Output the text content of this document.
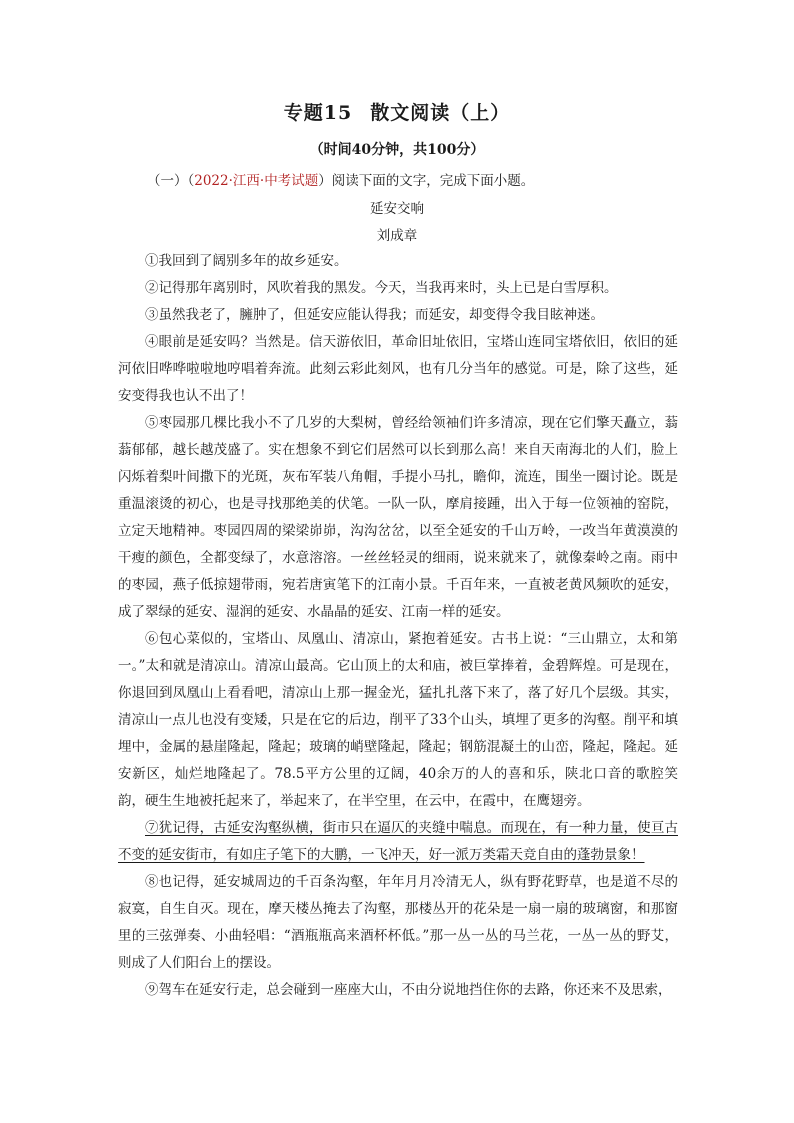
专题15 散文阅读（上）
（时间40分钟，共100分）
（一）（2022·江西·中考试题）阅读下面的文字，完成下面小题。
延安交响
刘成章

①我回到了阔别多年的故乡延安。

②记得那年离别时，风吹着我的黑发。今天，当我再来时，头上已是白雪厚积。

③虽然我老了，臃肿了，但延安应能认得我；而延安，却变得令我目眩神迷。

④眼前是延安吗？当然是。信天游依旧，革命旧址依旧，宝塔山连同宝塔依旧，依旧的延河依旧哗哗啦啦地哼唱着奔流。此刻云彩此刻风，也有几分当年的感觉。可是，除了这些，延安变得我也认不出了！

⑤枣园那几棵比我小不了几岁的大梨树，曾经给领袖们许多清凉，现在它们擎天矗立，蓊蓊郁郁，越长越茂盛了。实在想象不到它们居然可以长到那么高！来自天南海北的人们，脸上闪烁着梨叶间撒下的光斑，灰布军装八角帽，手提小马扎，瞻仰，流连，围坐一圈讨论。既是重温滚烫的初心，也是寻找那绝美的伏笔。一队一队，摩肩接踵，出入于每一位领袖的窑院，立定天地精神。枣园四周的梁梁峁峁，沟沟岔岔，以至全延安的千山万岭，一改当年黄漠漠的干瘦的颜色，全都变绿了，水意溶溶。一丝丝轻灵的细雨，说来就来了，就像秦岭之南。雨中的枣园，燕子低掠翅带雨，宛若唐寅笔下的江南小景。千百年来，一直被老黄风频吹的延安，成了翠绿的延安、湿润的延安、水晶晶的延安、江南一样的延安。

⑥包心菜似的，宝塔山、凤凰山、清凉山，紧抱着延安。古书上说：“三山鼎立，太和第一。”太和就是清凉山。清凉山最高。它山顶上的太和庙，被巨掌捧着，金碧辉煌。可是现在，你退回到凤凰山上看看吧，清凉山上那一握金光，猛扎扎落下来了，落了好几个层级。其实，清凉山一点儿也没有变矮，只是在它的后边，削平了33个山头，填埋了更多的沟壑。削平和填埋中，金属的悬崖隆起，隆起；玻璃的峭壁隆起，隆起；钢筋混凝土的山峦，隆起，隆起。延安新区，灿烂地隆起了。78.5平方公里的辽阔，40余万的人的喜和乐，陕北口音的歌腔笑韵，硬生生地被托起来了，举起来了，在半空里，在云中，在霞中，在鹰翅旁。

⑦犹记得，古延安沟壑纵横，街市只在逼仄的夹缝中喘息。而现在，有一种力量，使亘古不变的延安街市，有如庄子笔下的大鹏，一飞冲天，好一派万类霜天竞自由的蓬勃景象！

⑧也记得，延安城周边的千百条沟壑，年年月月冷清无人，纵有野花野草，也是道不尽的寂寞，自生自灭。现在，摩天楼丛掩去了沟壑，那楼丛开的花朵是一扇一扇的玻璃窗，和那窗里的三弦弹奏、小曲轻唱：“酒瓶瓶高来酒杯杯低。”那一丛一丛的马兰花，一丛一丛的野艾，则成了人们阳台上的摆设。

⑨驾车在延安行走，总会碰到一座座大山，不由分说地挡住你的去路，你还来不及思索，
